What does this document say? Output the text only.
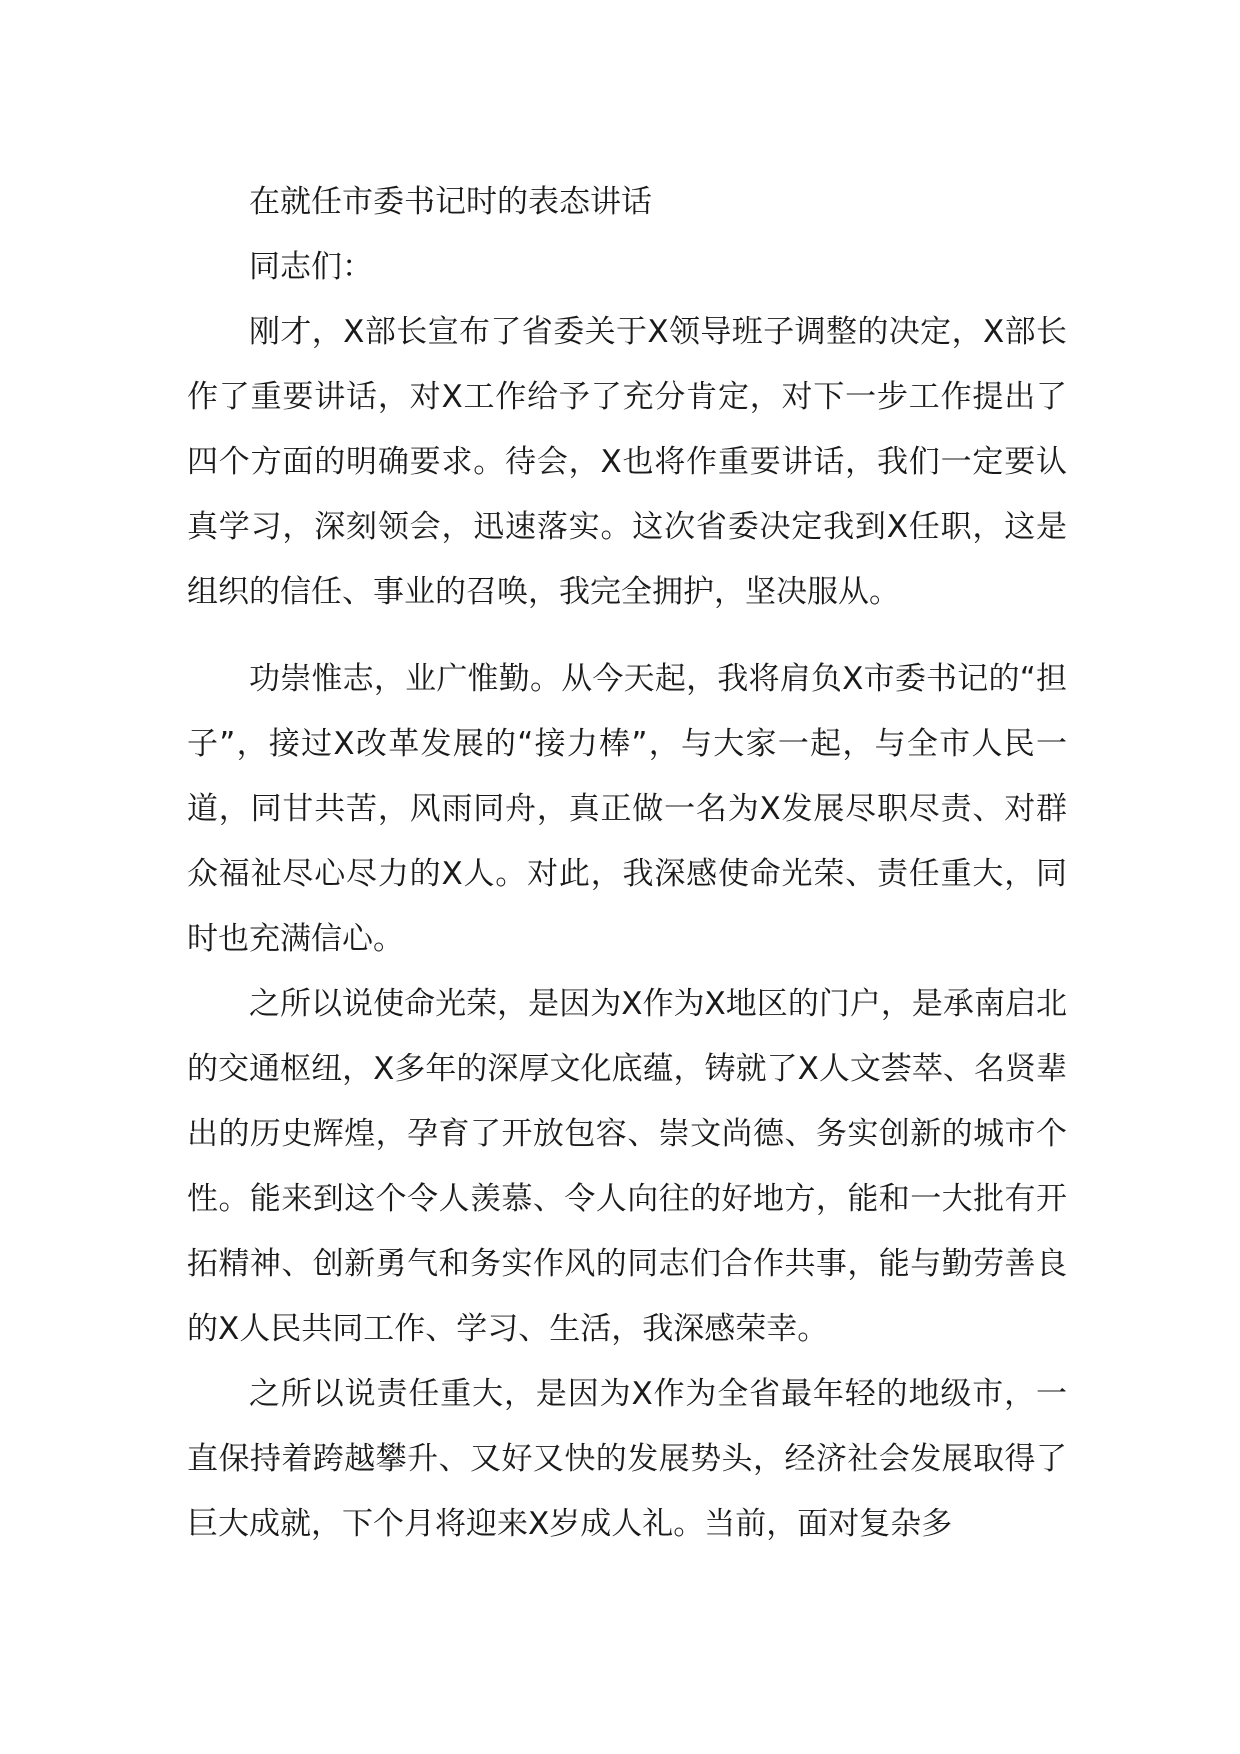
在就任市委书记时的表态讲话

同志们：

刚才，X部长宣布了省委关于X领导班子调整的决定，X部长作了重要讲话，对X工作给予了充分肯定，对下一步工作提出了四个方面的明确要求。待会，X也将作重要讲话，我们一定要认真学习，深刻领会，迅速落实。这次省委决定我到X任职，这是组织的信任、事业的召唤，我完全拥护，坚决服从。

功崇惟志，业广惟勤。从今天起，我将肩负X市委书记的“担子”，接过X改革发展的“接力棒”，与大家一起，与全市人民一道，同甘共苦，风雨同舟，真正做一名为X发展尽职尽责、对群众福祉尽心尽力的X人。对此，我深感使命光荣、责任重大，同时也充满信心。

之所以说使命光荣，是因为X作为X地区的门户，是承南启北的交通枢纽，X多年的深厚文化底蕴，铸就了X人文荟萃、名贤辈出的历史辉煌，孕育了开放包容、崇文尚德、务实创新的城市个性。能来到这个令人羡慕、令人向往的好地方，能和一大批有开拓精神、创新勇气和务实作风的同志们合作共事，能与勤劳善良的X人民共同工作、学习、生活，我深感荣幸。

之所以说责任重大，是因为X作为全省最年轻的地级市，一直保持着跨越攀升、又好又快的发展势头，经济社会发展取得了巨大成就，下个月将迎来X岁成人礼。当前，面对复杂多
